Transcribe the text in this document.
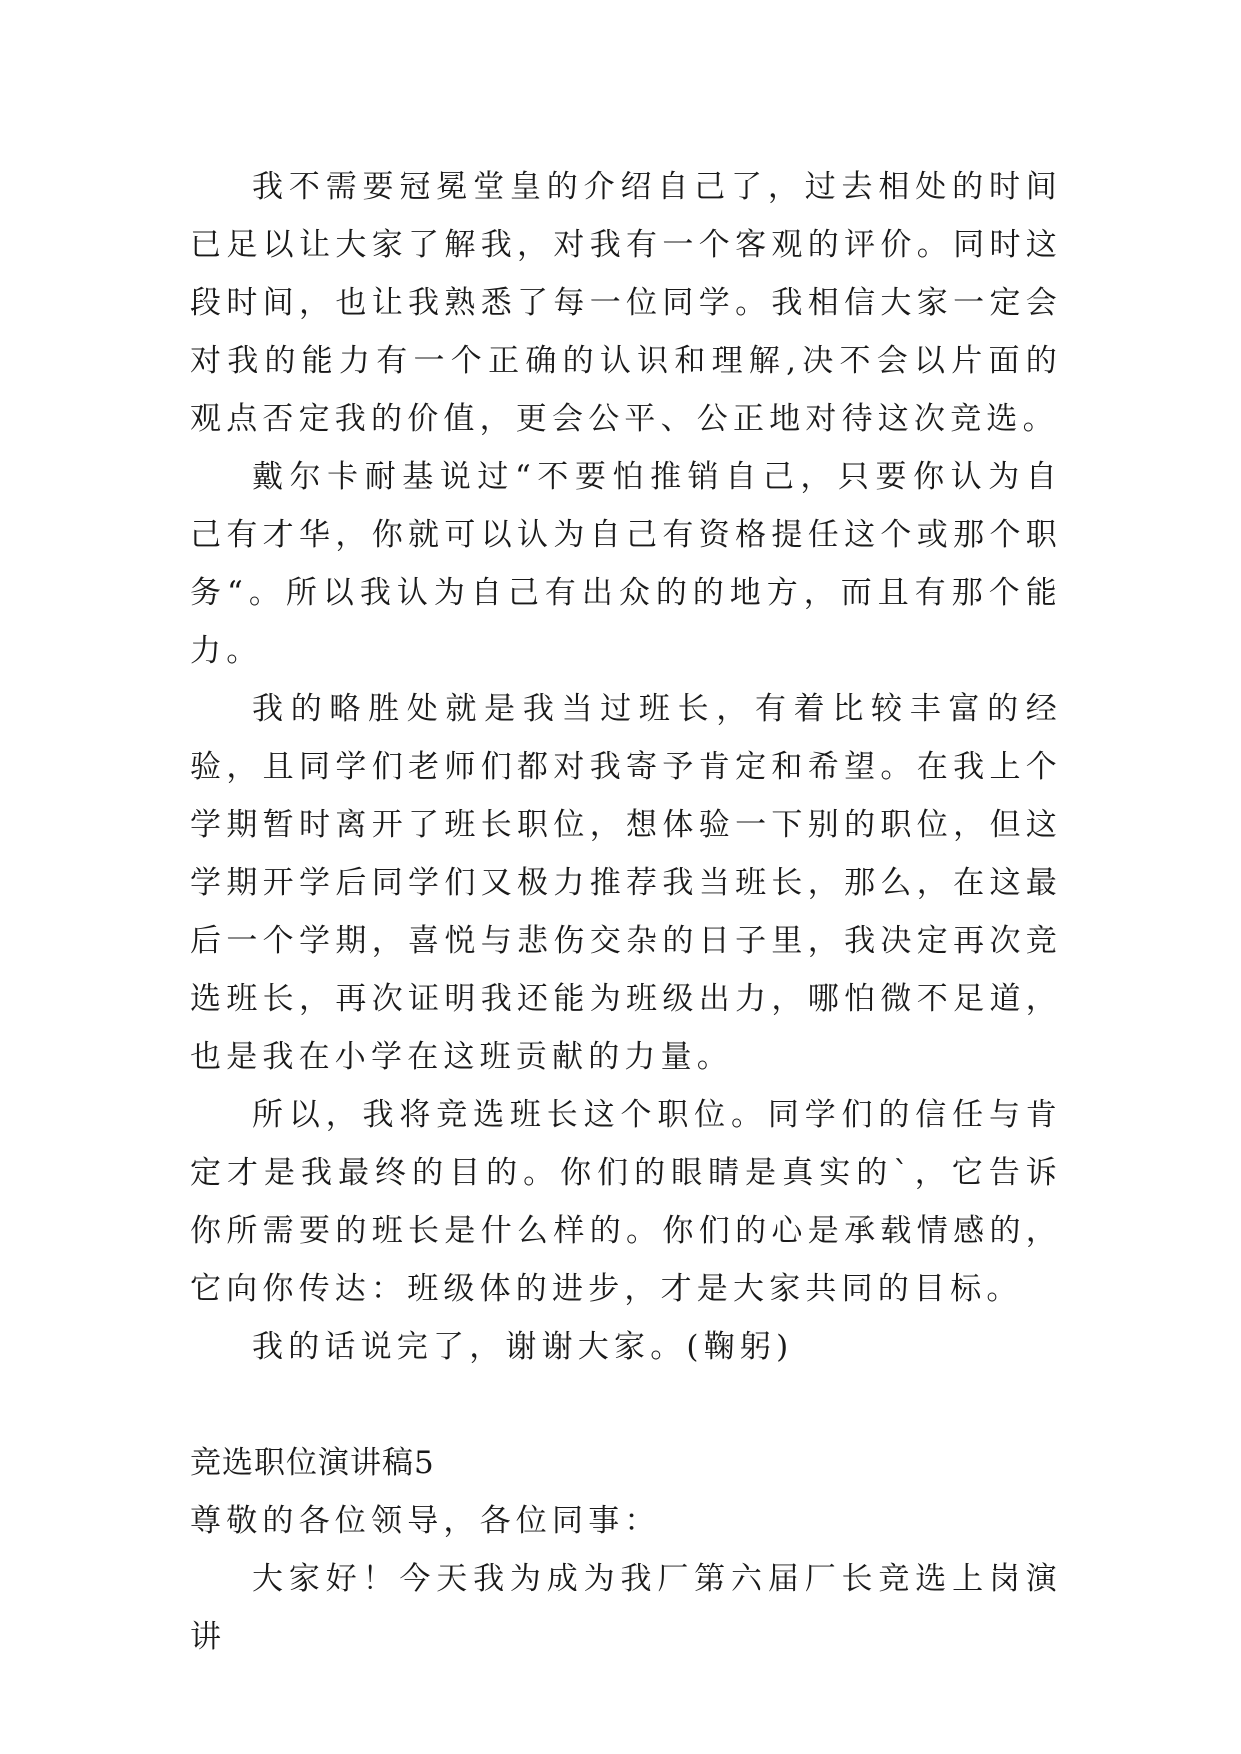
我不需要冠冕堂皇的介绍自己了，过去相处的时间已足以让大家了解我，对我有一个客观的评价。同时这段时间，也让我熟悉了每一位同学。我相信大家一定会对我的能力有一个正确的认识和理解,决不会以片面的观点否定我的价值，更会公平、公正地对待这次竞选。

戴尔卡耐基说过“不要怕推销自己，只要你认为自己有才华，你就可以认为自己有资格提任这个或那个职务“。所以我认为自己有出众的的地方，而且有那个能力。

我的略胜处就是我当过班长，有着比较丰富的经验，且同学们老师们都对我寄予肯定和希望。在我上个学期暂时离开了班长职位，想体验一下别的职位，但这学期开学后同学们又极力推荐我当班长，那么，在这最后一个学期，喜悦与悲伤交杂的日子里，我决定再次竞选班长，再次证明我还能为班级出力，哪怕微不足道，也是我在小学在这班贡献的力量。

所以，我将竞选班长这个职位。同学们的信任与肯定才是我最终的目的。你们的眼睛是真实的`，它告诉你所需要的班长是什么样的。你们的心是承载情感的，它向你传达：班级体的进步，才是大家共同的目标。

我的话说完了，谢谢大家。(鞠躬)

竞选职位演讲稿5

尊敬的各位领导，各位同事：

大家好！今天我为成为我厂第六届厂长竞选上岗演讲
